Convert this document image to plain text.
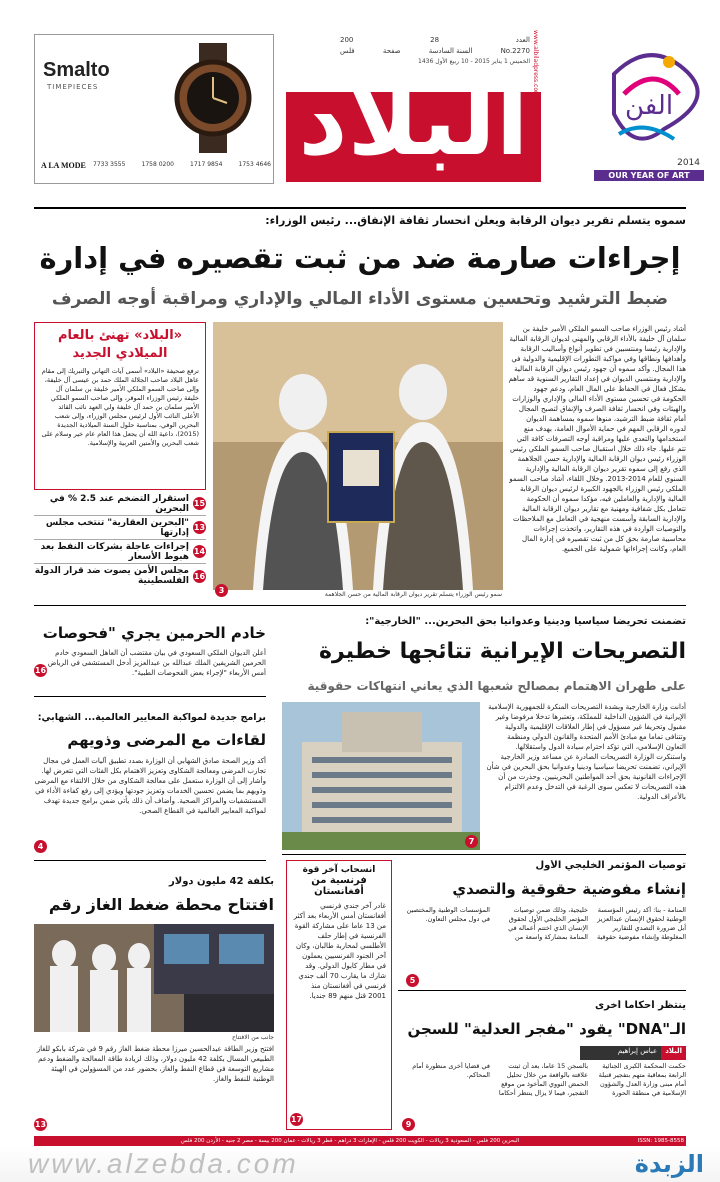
الفن
2014
OUR YEAR OF ART
البلاد
www.albiladpress.com
العدد
28
200
No.2270
السنة السادسة
صفحة
فلس
الخميس 1 يناير 2015 - 10 ربيع الأول 1436
Smalto
TIMEPIECES
A LA MODE 7733 3555	1758 0200	1717 9854	1753 4646
سموه يتسلم تقرير ديوان الرقابة ويعلن انحسار ثقافة الإنفاق... رئيس الوزراء:
إجراءات صارمة ضد من ثبت تقصيره في إدارة
ضبط الترشيد وتحسين مستوى الأداء المالي والإداري ومراقبة أوجه الصرف
أشاد رئيس الوزراء صاحب السمو الملكي الأمير خليفة بن سلمان آل خليفة بالأداء الرقابي والمهني لديوان الرقابة المالية والإدارية رئيسا ومنتسبين في تطوير أنواع وأساليب الرقابة وأهدافها ونطاقها وفي مواكبة التطورات الإقليمية والدولية في هذا المجال. وأكد سموه أن جهود رئيس ديوان الرقابة المالية والإدارية ومنتسبي الديوان في إعداد التقارير السنوية قد ساهم بشكل فعال في الحفاظ على المال العام، ودعم جهود الحكومة في تحسين مستوى الأداء المالي والإداري والوزارات والهيئات وفي انحسار ثقافة الصرف والإنفاق لتصبح المجال أمام ثقافة ضبط الترشيد، منوها سموه بمساهمة الديوان لدوره الرقابي المهم في حماية الأموال العامة، بهدف منع استخدامها والتعدي عليها ومراقبة أوجه التصرفات كافة التي تتم عليها. جاء ذلك خلال استقبال صاحب السمو الملكي رئيس الوزراء رئيس ديوان الرقابة المالية والإدارية حسن الجلاهمة الذي رفع إلى سموه تقرير ديوان الرقابة المالية والإدارية السنوي للعام 2014-2013. وخلال اللقاء، أشاد صاحب السمو الملكي رئيس الوزراء بالجهود الكبيرة لرئيس ديوان الرقابة المالية والإدارية والعاملين فيه، مؤكدا سموه أن الحكومة تتعامل بكل شفافية ومهنية مع تقارير ديوان الرقابة المالية والإدارية السابقة وأسست منهجية في التعامل مع الملاحظات والتوصيات الواردة في هذه التقارير، واتخذت إجراءات محاسبية صارمة بحق كل من ثبت تقصيره في إدارة المال العام، وكانت إجراءاتها شمولية على الجميع.
3	سمو رئيس الوزراء يتسلم تقرير ديوان الرقابة المالية من حسن الجلاهمة
«البلاد» تهنئ بالعام الميلادي الجديد
ترفع صحيفة «البلاد» أسمى آيات التهاني والتبريك إلى مقام عاهل البلاد صاحب الجلالة الملك حمد بن عيسى آل خليفة، وإلى صاحب السمو الملكي الأمير خليفة بن سلمان آل خليفة رئيس الوزراء الموقر، وإلى صاحب السمو الملكي الأمير سلمان بن حمد آل خليفة ولي العهد نائب القائد الأعلى النائب الأول لرئيس مجلس الوزراء، وإلى شعب البحرين الوفي، بمناسبة حلول السنة الميلادية الجديدة (2015)، داعية الله أن يجعل هذا العام عام خير وسلام على شعب البحرين والأمتين العربية والإسلامية.
15
استقرار التضخم عند 2.5 % في البحرين
13
"البحرين العقارية" تنتخب مجلس إدارتها
14
إجراءات عاجلة بشركات النفط بعد هبوط الأسعار
16
مجلس الأمن يصوت ضد قرار الدولة الفلسطينية
خادم الحرمين يجري "فحوصات
أعلن الديوان الملكي السعودي في بيان مقتضب أن العاهل السعودي خادم الحرمين الشريفين الملك عبدالله بن عبدالعزيز أدخل المستشفى في الرياض أمس الأربعاء "لإجراء بعض الفحوصات الطبية".
16
برامج جديدة لمواكبة المعايير العالمية... الشهابي:
لقاءات مع المرضى وذويهم
أكد وزير الصحة صادق الشهابي أن الوزارة بصدد تطبيق آليات العمل في مجال تجارب المرضى ومعالجة الشكاوى وتعزيز الاهتمام بكل الفئات التي تتعرض لها. وأشار إلى أن الوزارة ستعمل على معالجة الشكاوى من خلال الالتقاء مع المرضى وذويهم بما يضمن تحسين الخدمات وتعزيز جودتها ويؤدي إلى رفع كفاءة الأداء في المستشفيات والمراكز الصحية. وأضاف أن ذلك يأتي ضمن برامج جديدة تهدف لمواكبة المعايير العالمية في القطاع الصحي.
4
تضمنت تحريضا سياسيا ودينيا وعدوانيا بحق البحرين... "الخارجية":
التصريحات الإيرانية تتائجها خطيرة
على طهران الاهتمام بمصالح شعبها الذي يعاني انتهاكات حقوقية
7
أدانت وزارة الخارجية وبشدة التصريحات المنكرة للجمهورية الإسلامية الإيرانية في الشؤون الداخلية للمملكة، وتعتبرها تدخلا مرفوضا وغير مقبول وتحريفا غير مسؤول في إطار العلاقات الإقليمية والدولية وتتنافى تماما مع مبادئ الأمم المتحدة والقانون الدولي ومنظمة التعاون الإسلامي، التي تؤكد احترام سيادة الدول واستقلالها. واستنكرت الوزارة التصريحات الصادرة عن مساعد وزير الخارجية الإيراني، تضمنت تحريضا سياسيا ودينيا وعدوانيا بحق البحرين في شأن الإجراءات القانونية بحق أحد المواطنين البحرينيين. وحذرت من أن هذه التصريحات لا تعكس سوى الرغبة في التدخل وعدم الالتزام بالأعراف الدولية.
توصيات المؤتمر الخليجي الأول
إنشاء مفوضية حقوقية والتصدي
المنامة - بنا: أكد رئيس المؤسسة الوطنية لحقوق الإنسان عبدالعزيز أبل ضرورة التصدي للتقارير المغلوطة وإنشاء مفوضية حقوقية خليجية، وذلك ضمن توصيات المؤتمر الخليجي الأول لحقوق الإنسان الذي اختتم أعماله في المنامة بمشاركة واسعة من المؤسسات الوطنية والمختصين في دول مجلس التعاون.
5
انسحاب آخر قوة
فرنسية من أفغانستان
غادر آخر جندي فرنسي أفغانستان أمس الأربعاء بعد أكثر من 13 عاما على مشاركة القوة الفرنسية في إطار حلف الأطلسي لمحاربة طالبان، وكان آخر الجنود الفرنسيين يعملون في مطار كابول الدولي. وقد شارك ما يقارب 70 ألف جندي فرنسي في أفغانستان منذ 2001 قتل منهم 89 جنديا.
17
بكلفة 42 مليون دولار
افتتاح محطة ضغط الغاز رقم
جانب من الافتتاح
افتتح وزير الطاقة عبدالحسين ميرزا محطة ضغط الغاز رقم 9 في شركة بابكو للغاز الطبيعي المسال بكلفة 42 مليون دولار، وذلك لزيادة طاقة المعالجة والضغط ودعم مشاريع التوسعة في قطاع النفط والغاز، بحضور عدد من المسؤولين في الهيئة الوطنية للنفط والغاز.
13
ينتظر أحكاما أخرى
الـ"DNA" يقود "مفجر العدلية" للسجن
البلاد
عباس إبراهيم
حكمت المحكمة الكبرى الجنائية الرابعة بمعاقبة متهم بتفجير قنبلة أمام مبنى وزارة العدل والشؤون الإسلامية في منطقة الحورة بالسجن 15 عاما، بعد أن ثبتت علاقته بالواقعة من خلال تحليل الحمض النووي المأخوذ من موقع التفجير، فيما لا يزال ينتظر أحكاما في قضايا أخرى منظورة أمام المحاكم.
9
البحرين 200 فلس - السعودية 3 ريالات - الكويت 200 فلس - الإمارات 3 دراهم - قطر 3 ريالات - عمان 200 بيسة - مصر 2 جنيه - الأردن 200 فلس	ISSN: 1985-8558
www.alzebda.com	الزبدة
